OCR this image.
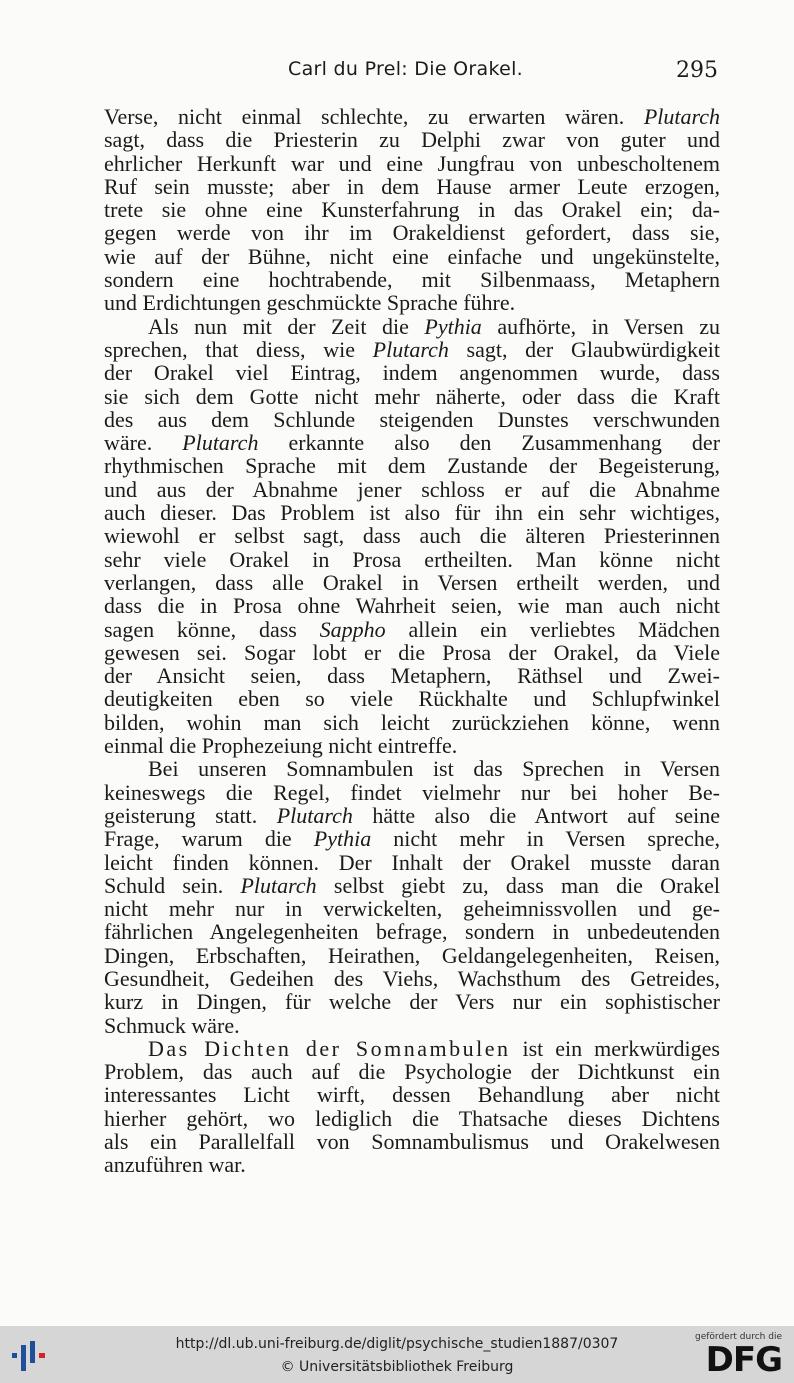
Carl du Prel: Die Orakel.	295
Verse, nicht einmal schlechte, zu erwarten wären. Plutarch
sagt, dass die Priesterin zu Delphi zwar von guter und
ehrlicher Herkunft war und eine Jungfrau von unbescholtenem
Ruf sein musste; aber in dem Hause armer Leute erzogen,
trete sie ohne eine Kunsterfahrung in das Orakel ein; da-
gegen werde von ihr im Orakeldienst gefordert, dass sie,
wie auf der Bühne, nicht eine einfache und ungekünstelte,
sondern eine hochtrabende, mit Silbenmaass, Metaphern
und Erdichtungen geschmückte Sprache führe.
Als nun mit der Zeit die Pythia aufhörte, in Versen zu
sprechen, that diess, wie Plutarch sagt, der Glaubwürdigkeit
der Orakel viel Eintrag, indem angenommen wurde, dass
sie sich dem Gotte nicht mehr näherte, oder dass die Kraft
des aus dem Schlunde steigenden Dunstes verschwunden
wäre. Plutarch erkannte also den Zusammenhang der
rhythmischen Sprache mit dem Zustande der Begeisterung,
und aus der Abnahme jener schloss er auf die Abnahme
auch dieser. Das Problem ist also für ihn ein sehr wichtiges,
wiewohl er selbst sagt, dass auch die älteren Priesterinnen
sehr viele Orakel in Prosa ertheilten. Man könne nicht
verlangen, dass alle Orakel in Versen ertheilt werden, und
dass die in Prosa ohne Wahrheit seien, wie man auch nicht
sagen könne, dass Sappho allein ein verliebtes Mädchen
gewesen sei. Sogar lobt er die Prosa der Orakel, da Viele
der Ansicht seien, dass Metaphern, Räthsel und Zwei-
deutigkeiten eben so viele Rückhalte und Schlupfwinkel
bilden, wohin man sich leicht zurückziehen könne, wenn
einmal die Prophezeiung nicht eintreffe.
Bei unseren Somnambulen ist das Sprechen in Versen
keineswegs die Regel, findet vielmehr nur bei hoher Be-
geisterung statt. Plutarch hätte also die Antwort auf seine
Frage, warum die Pythia nicht mehr in Versen spreche,
leicht finden können. Der Inhalt der Orakel musste daran
Schuld sein. Plutarch selbst giebt zu, dass man die Orakel
nicht mehr nur in verwickelten, geheimnissvollen und ge-
fährlichen Angelegenheiten befrage, sondern in unbedeutenden
Dingen, Erbschaften, Heirathen, Geldangelegenheiten, Reisen,
Gesundheit, Gedeihen des Viehs, Wachsthum des Getreides,
kurz in Dingen, für welche der Vers nur ein sophistischer
Schmuck wäre.
Das Dichten der Somnambulen ist ein merkwürdiges
Problem, das auch auf die Psychologie der Dichtkunst ein
interessantes Licht wirft, dessen Behandlung aber nicht
hierher gehört, wo lediglich die Thatsache dieses Dichtens
als ein Parallelfall von Somnambulismus und Orakelwesen
anzuführen war.
http://dl.ub.uni-freiburg.de/diglit/psychische_studien1887/0307
© Universitätsbibliothek Freiburg
gefördert durch die
DFG
